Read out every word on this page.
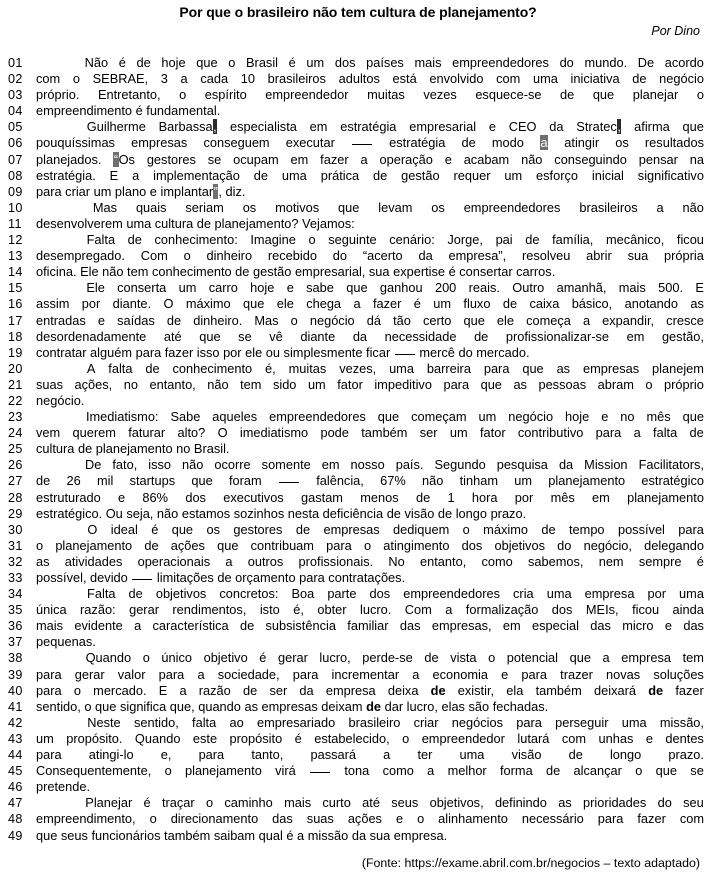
Por que o brasileiro não tem cultura de planejamento?
Por Dino
01	Não é de hoje que o Brasil é um dos países mais empreendedores do mundo. De acordo
02	com o SEBRAE, 3 a cada 10 brasileiros adultos está envolvido com uma iniciativa de negócio
03	próprio. Entretanto, o espírito empreendedor muitas vezes esquece-se de que planejar o
04	empreendimento é fundamental.
05	Guilherme Barbassa, especialista em estratégia empresarial e CEO da Stratec, afirma que
06	pouquíssimas empresas conseguem executar	estratégia de modo a atingir os resultados
07	planejados. “Os gestores se ocupam em fazer a operação e acabam não conseguindo pensar na
08	estratégia. E a implementação de uma prática de gestão requer um esforço inicial significativo
09	para criar um plano e implantar”, diz.
10	Mas quais seriam os motivos que levam os empreendedores brasileiros a não
11	desenvolverem uma cultura de planejamento? Vejamos:
12	Falta de conhecimento: Imagine o seguinte cenário: Jorge, pai de família, mecânico, ficou
13	desempregado. Com o dinheiro recebido do “acerto da empresa”, resolveu abrir sua própria
14	oficina. Ele não tem conhecimento de gestão empresarial, sua expertise é consertar carros.
15	Ele conserta um carro hoje e sabe que ganhou 200 reais. Outro amanhã, mais 500. E
16	assim por diante. O máximo que ele chega a fazer é um fluxo de caixa básico, anotando as
17	entradas e saídas de dinheiro. Mas o negócio dá tão certo que ele começa a expandir, cresce
18	desordenadamente até que se vê diante da necessidade de profissionalizar-se em gestão,
19	contratar alguém para fazer isso por ele ou simplesmente ficar  mercê do mercado.
20	A falta de conhecimento é, muitas vezes, uma barreira para que as empresas planejem
21	suas ações, no entanto, não tem sido um fator impeditivo para que as pessoas abram o próprio
22	negócio.
23	Imediatismo: Sabe aqueles empreendedores que começam um negócio hoje e no mês que
24	vem querem faturar alto? O imediatismo pode também ser um fator contributivo para a falta de
25	cultura de planejamento no Brasil.
26	De fato, isso não ocorre somente em nosso país. Segundo pesquisa da Mission Facilitators,
27	de 26 mil startups que foram	falência, 67% não tinham um planejamento estratégico
28	estruturado e 86% dos executivos gastam menos de 1 hora por mês em planejamento
29	estratégico. Ou seja, não estamos sozinhos nesta deficiência de visão de longo prazo.
30	O ideal é que os gestores de empresas dediquem o máximo de tempo possível para
31	o planejamento de ações que contribuam para o atingimento dos objetivos do negócio, delegando
32	as atividades operacionais a outros profissionais. No entanto, como sabemos, nem sempre é
33	possível, devido  limitações de orçamento para contratações.
34	Falta de objetivos concretos: Boa parte dos empreendedores cria uma empresa por uma
35	única razão: gerar rendimentos, isto é, obter lucro. Com a formalização dos MEIs, ficou ainda
36	mais evidente a característica de subsistência familiar das empresas, em especial das micro e das
37	pequenas.
38	Quando o único objetivo é gerar lucro, perde-se de vista o potencial que a empresa tem
39	para gerar valor para a sociedade, para incrementar a economia e para trazer novas soluções
40	para o mercado. E a razão de ser da empresa deixa de existir, ela também deixará de fazer
41	sentido, o que significa que, quando as empresas deixam de dar lucro, elas são fechadas.
42	Neste sentido, falta ao empresariado brasileiro criar negócios para perseguir uma missão,
43	um propósito. Quando este propósito é estabelecido, o empreendedor lutará com unhas e dentes
44	para atingi-lo e, para tanto, passará a ter uma visão de longo prazo.
45	Consequentemente, o planejamento virá	tona como a melhor forma de alcançar o que se
46	pretende.
47	Planejar é traçar o caminho mais curto até seus objetivos, definindo as prioridades do seu
48	empreendimento, o direcionamento das suas ações e o alinhamento necessário para fazer com
49	que seus funcionários também saibam qual é a missão da sua empresa.
(Fonte: https://exame.abril.com.br/negocios – texto adaptado)
